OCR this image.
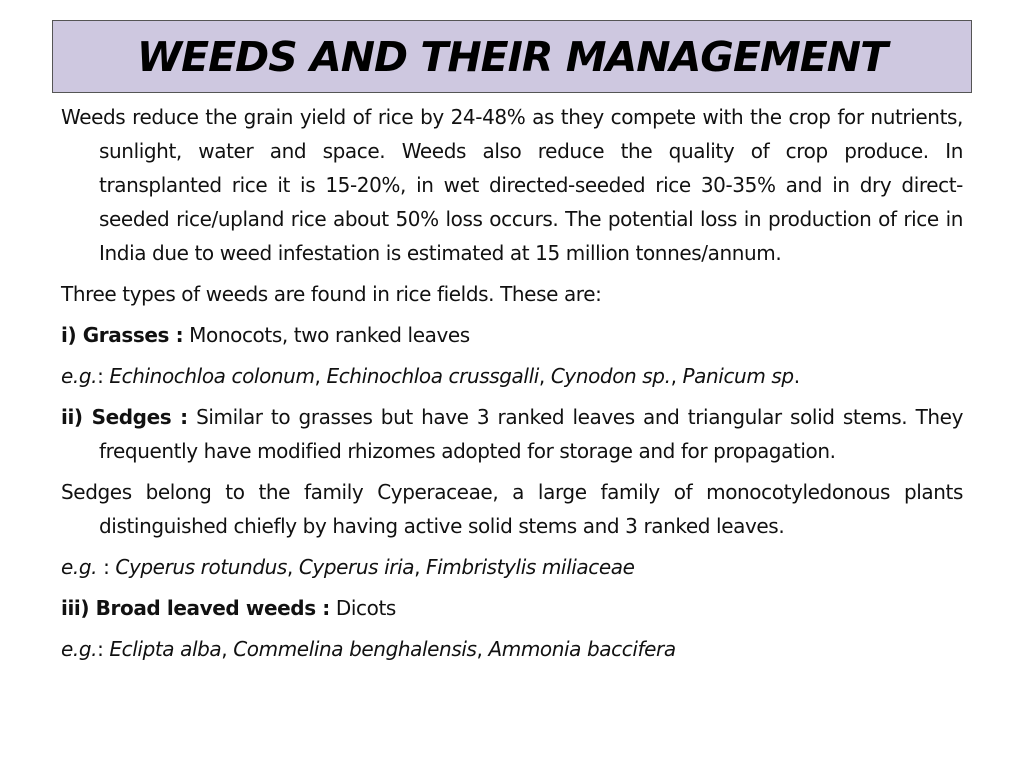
WEEDS AND THEIR MANAGEMENT

Weeds reduce the grain yield of rice by 24-48% as they compete with the crop for nutrients, sunlight, water and space. Weeds also reduce the quality of crop produce. In transplanted rice it is 15-20%, in wet directed-seeded rice 30-35% and in dry direct-seeded rice/upland rice about 50% loss occurs. The potential loss in production of rice in India due to weed infestation is estimated at 15 million tonnes/annum.

Three types of weeds are found in rice fields. These are:

i) Grasses : Monocots, two ranked leaves

e.g.: Echinochloa colonum, Echinochloa crussgalli, Cynodon sp., Panicum sp.

ii) Sedges : Similar to grasses but have 3 ranked leaves and triangular solid stems. They frequently have modified rhizomes adopted for storage and for propagation.

Sedges belong to the family Cyperaceae, a large family of monocotyledonous plants distinguished chiefly by having active solid stems and 3 ranked leaves.

e.g. : Cyperus rotundus, Cyperus iria, Fimbristylis miliaceae

iii) Broad leaved weeds : Dicots

e.g.: Eclipta alba, Commelina benghalensis, Ammonia baccifera
